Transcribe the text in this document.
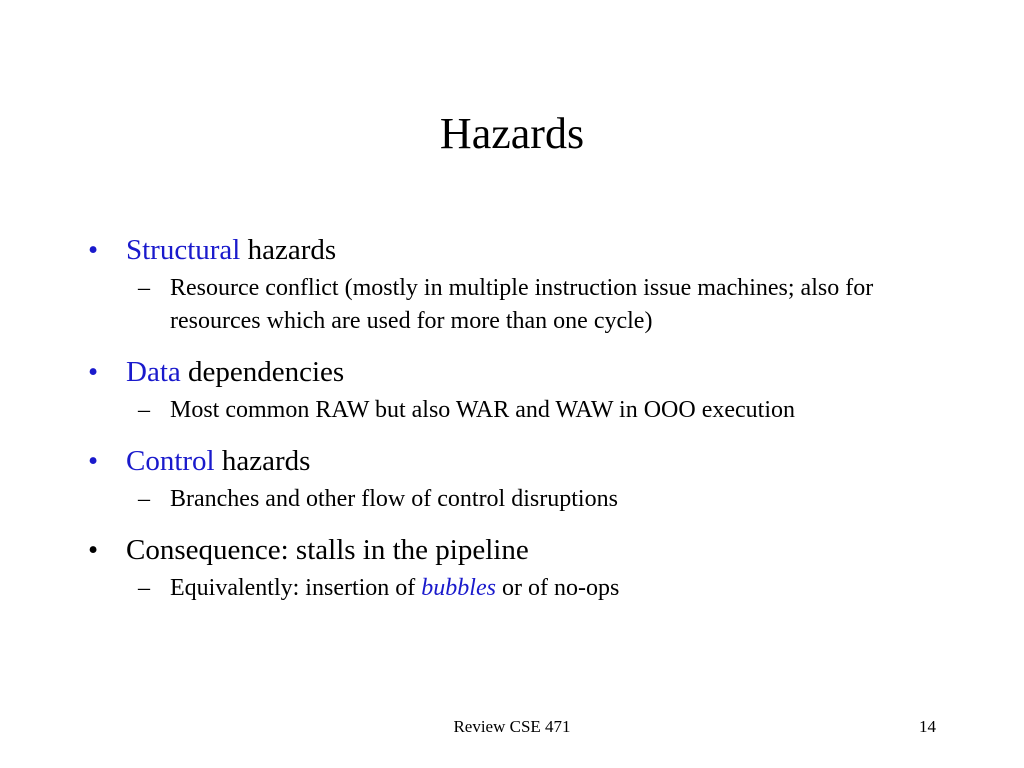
Hazards
• Structural hazards
– Resource conflict (mostly in multiple instruction issue machines; also for resources which are used for more than one cycle)
• Data dependencies
– Most common RAW but also WAR and WAW in OOO execution
• Control hazards
– Branches and other flow of control disruptions
• Consequence: stalls in the pipeline
– Equivalently: insertion of bubbles or of no-ops
Review CSE 471	14
